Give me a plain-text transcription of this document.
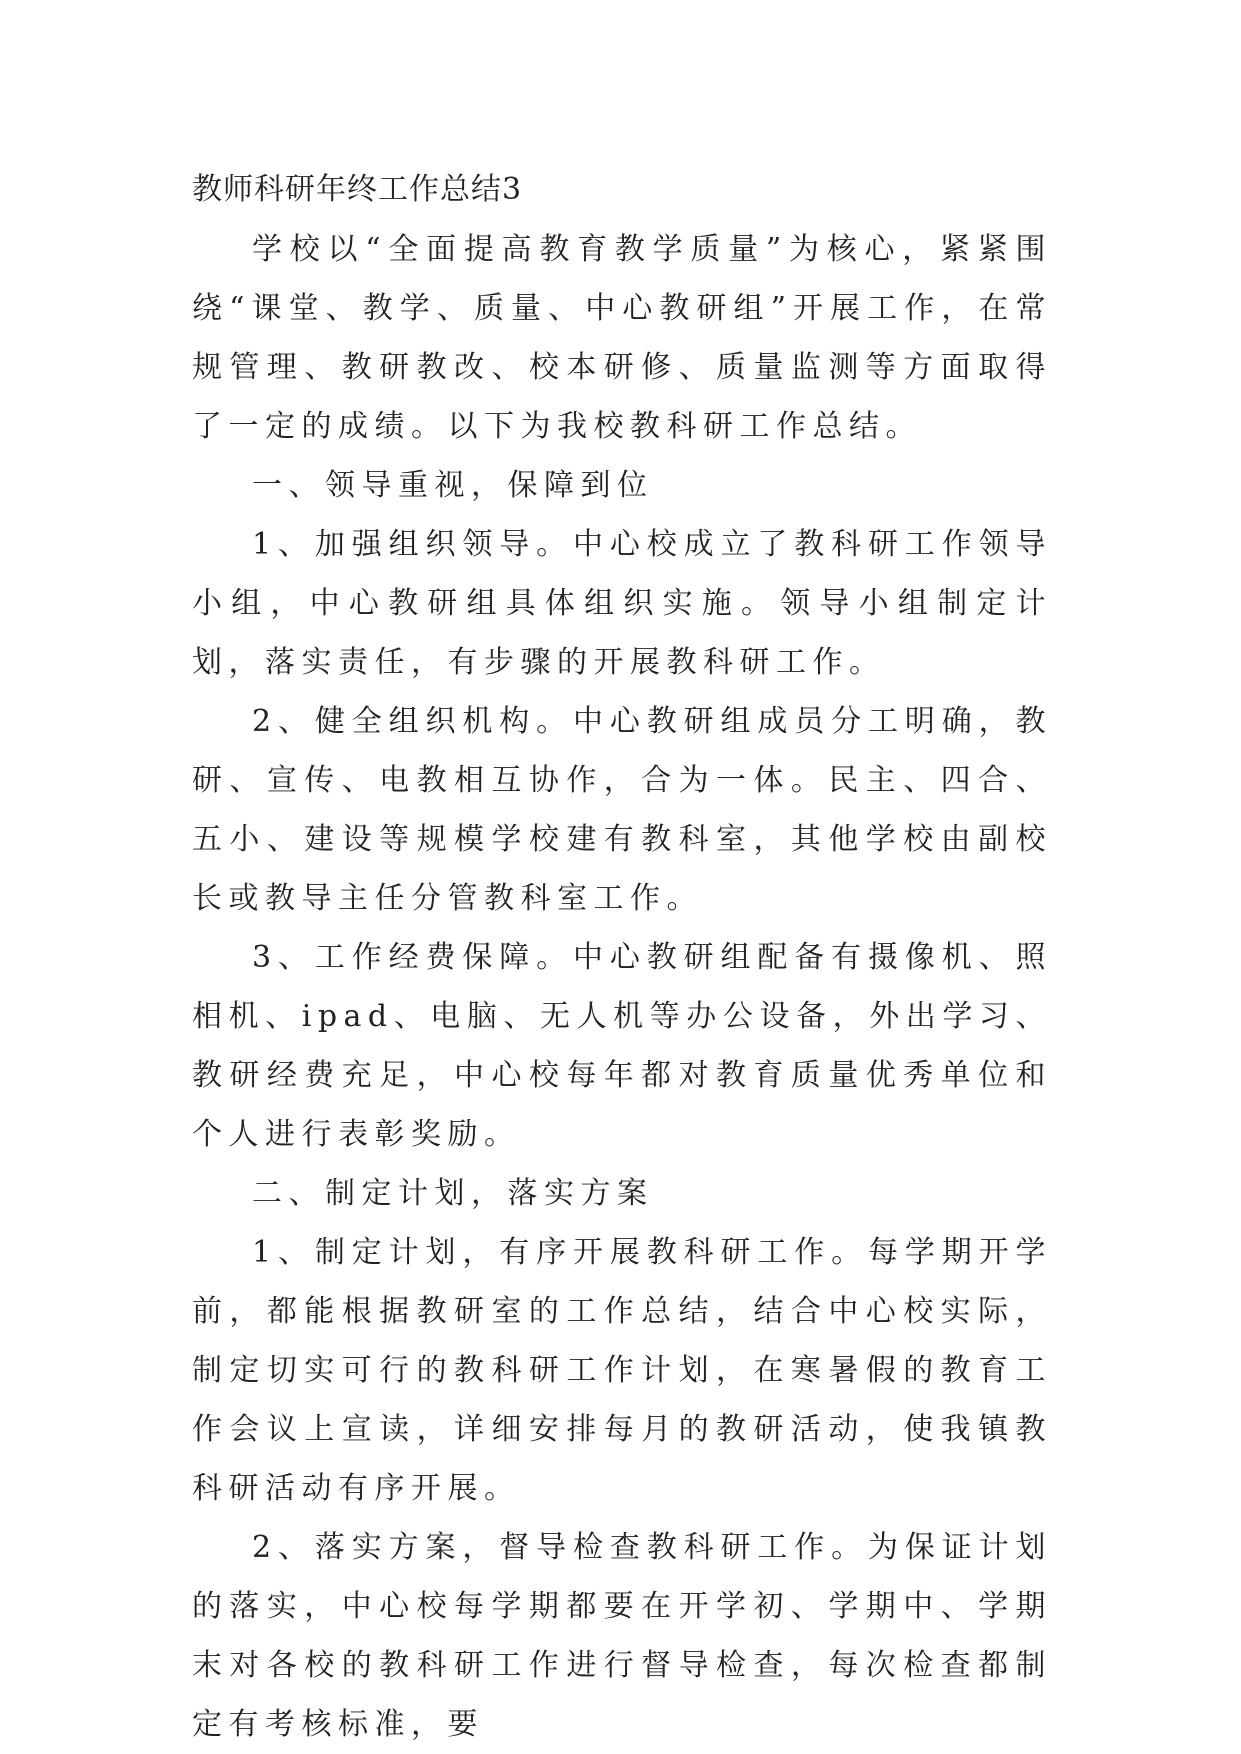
教师科研年终工作总结3

学校以“全面提高教育教学质量”为核心，紧紧围绕“课堂、教学、质量、中心教研组”开展工作，在常规管理、教研教改、校本研修、质量监测等方面取得了一定的成绩。以下为我校教科研工作总结。

一、领导重视，保障到位

1、加强组织领导。中心校成立了教科研工作领导小组，中心教研组具体组织实施。领导小组制定计划，落实责任，有步骤的开展教科研工作。

2、健全组织机构。中心教研组成员分工明确，教研、宣传、电教相互协作，合为一体。民主、四合、五小、建设等规模学校建有教科室，其他学校由副校长或教导主任分管教科室工作。

3、工作经费保障。中心教研组配备有摄像机、照相机、ipad、电脑、无人机等办公设备，外出学习、教研经费充足，中心校每年都对教育质量优秀单位和个人进行表彰奖励。

二、制定计划，落实方案

1、制定计划，有序开展教科研工作。每学期开学前，都能根据教研室的工作总结，结合中心校实际，制定切实可行的教科研工作计划，在寒暑假的教育工作会议上宣读，详细安排每月的教研活动，使我镇教科研活动有序开展。

2、落实方案，督导检查教科研工作。为保证计划的落实，中心校每学期都要在开学初、学期中、学期末对各校的教科研工作进行督导检查，每次检查都制定有考核标准，要
